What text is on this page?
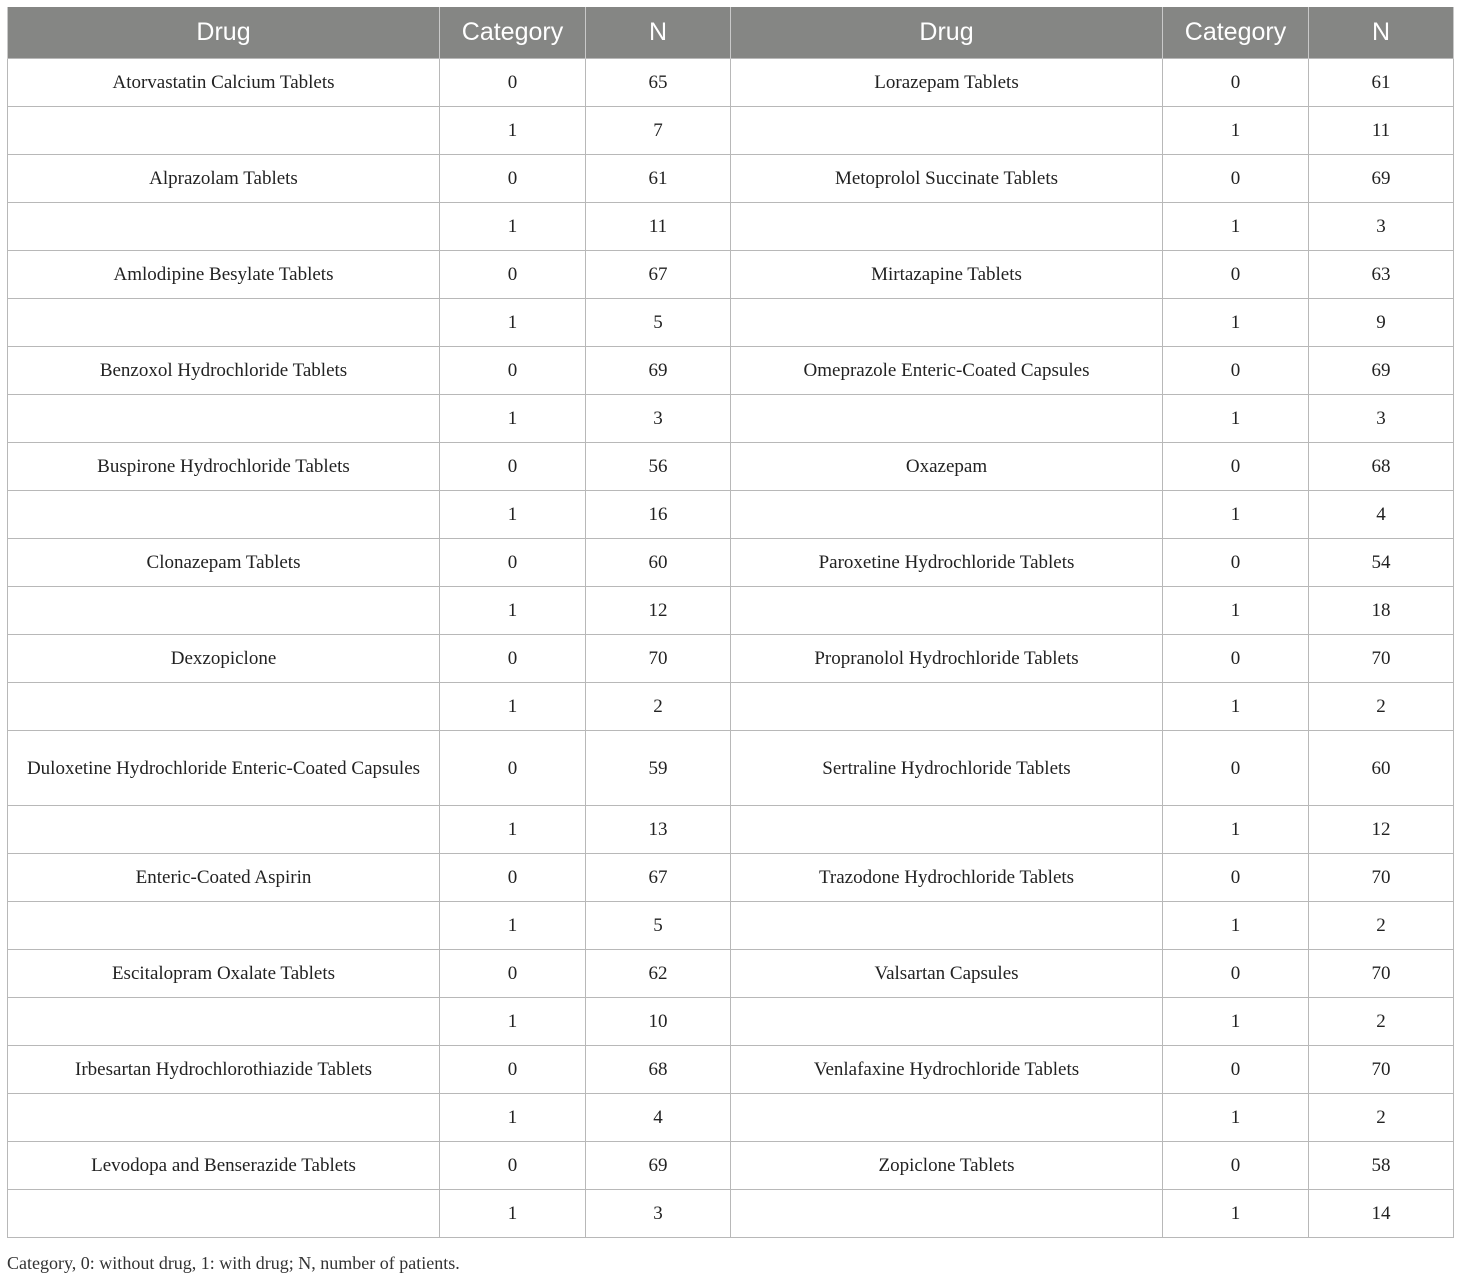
Drug	Category	N	Drug	Category	N
Atorvastatin Calcium Tablets	0	65	Lorazepam Tablets	0	61
	1	7		1	11
Alprazolam Tablets	0	61	Metoprolol Succinate Tablets	0	69
	1	11		1	3
Amlodipine Besylate Tablets	0	67	Mirtazapine Tablets	0	63
	1	5		1	9
Benzoxol Hydrochloride Tablets	0	69	Omeprazole Enteric-Coated Capsules	0	69
	1	3		1	3
Buspirone Hydrochloride Tablets	0	56	Oxazepam	0	68
	1	16		1	4
Clonazepam Tablets	0	60	Paroxetine Hydrochloride Tablets	0	54
	1	12		1	18
Dexzopiclone	0	70	Propranolol Hydrochloride Tablets	0	70
	1	2		1	2
Duloxetine Hydrochloride Enteric-Coated Capsules	0	59	Sertraline Hydrochloride Tablets	0	60
	1	13		1	12
Enteric-Coated Aspirin	0	67	Trazodone Hydrochloride Tablets	0	70
	1	5		1	2
Escitalopram Oxalate Tablets	0	62	Valsartan Capsules	0	70
	1	10		1	2
Irbesartan Hydrochlorothiazide Tablets	0	68	Venlafaxine Hydrochloride Tablets	0	70
	1	4		1	2
Levodopa and Benserazide Tablets	0	69	Zopiclone Tablets	0	58
	1	3		1	14
Category, 0: without drug, 1: with drug; N, number of patients.
